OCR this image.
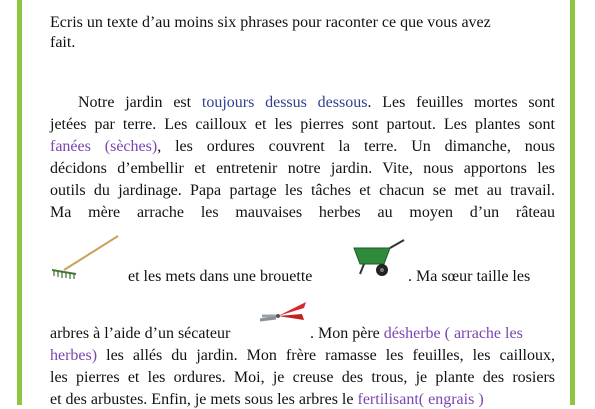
Ecris un texte d’au moins six phrases pour raconter ce que vous avez
fait.
Notre jardin est toujours dessus dessous. Les feuilles mortes sont
jetées par terre. Les cailloux et les pierres sont partout. Les plantes sont
fanées (sèches), les ordures couvrent la terre. Un dimanche, nous
décidons d’embellir et entretenir notre jardin. Vite, nous apportons les
outils du jardinage. Papa partage les tâches et chacun se met au travail.
Ma mère arrache les mauvaises herbes au moyen d’un râteau
et les mets dans une brouette	. Ma sœur taille les
arbres à l’aide d’un sécateur	. Mon père désherbe ( arrache les
herbes) les allés du jardin. Mon frère ramasse les feuilles, les cailloux,
les pierres et les ordures. Moi, je creuse des trous, je plante des rosiers
et des arbustes. Enfin, je mets sous les arbres le fertilisant( engrais )
